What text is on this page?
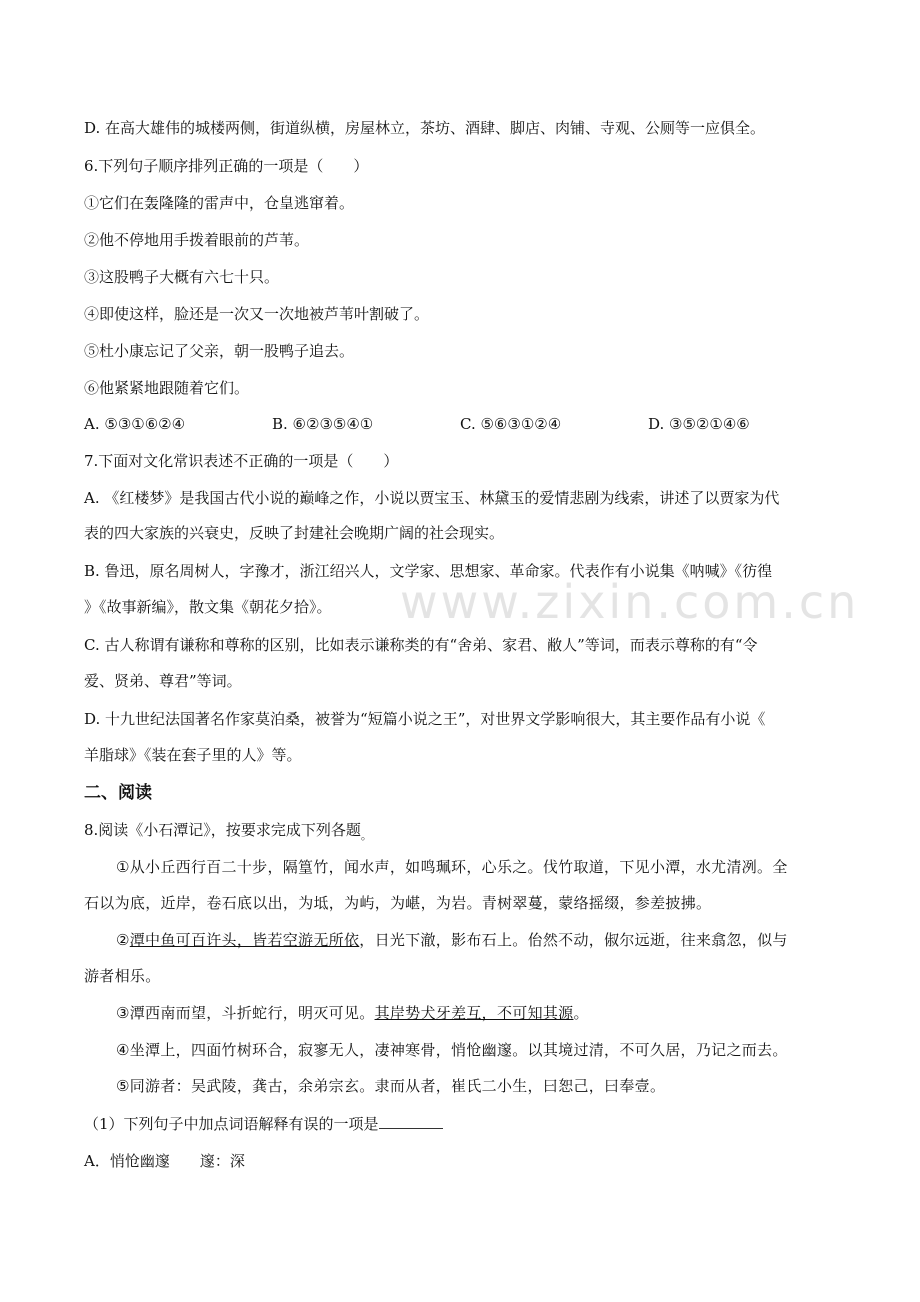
www.zixin.com.cn
D. 在高大雄伟的城楼两侧，街道纵横，房屋林立，茶坊、酒肆、脚店、肉铺、寺观、公厕等一应俱全。
6.下列句子顺序排列正确的一项是（　　）
①它们在轰隆隆的雷声中，仓皇逃窜着。
②他不停地用手拨着眼前的芦苇。
③这股鸭子大概有六七十只。
④即使这样，脸还是一次又一次地被芦苇叶割破了。
⑤杜小康忘记了父亲，朝一股鸭子追去。
⑥他紧紧地跟随着它们。
A. ⑤③①⑥②④	B. ⑥②③⑤④①	C. ⑤⑥③①②④	D. ③⑤②①④⑥
7.下面对文化常识表述不正确的一项是（　　）
A. 《红楼梦》是我国古代小说的巅峰之作，小说以贾宝玉、林黛玉的爱情悲剧为线索，讲述了以贾家为代
表的四大家族的兴衰史，反映了封建社会晚期广阔的社会现实。
B. 鲁迅，原名周树人，字豫才，浙江绍兴人，文学家、思想家、革命家。代表作有小说集《呐喊》《彷徨
》《故事新编》，散文集《朝花夕拾》。
C. 古人称谓有谦称和尊称的区别，比如表示谦称类的有“舍弟、家君、敝人”等词，而表示尊称的有“令
爱、贤弟、尊君”等词。
D. 十九世纪法国著名作家莫泊桑，被誉为“短篇小说之王”，对世界文学影响很大，其主要作品有小说《
羊脂球》《装在套子里的人》等。
二、阅读
8.阅读《小石潭记》，按要求完成下列各题$_。$
①从小丘西行百二十步，隔篁竹，闻水声，如鸣珮环，心乐之。伐竹取道，下见小潭，水尤清冽。全
石以为底，近岸，卷石底以出，为坻，为屿，为嵁，为岩。青树翠蔓，蒙络摇缀，参差披拂。
②潭中鱼可百许头，皆若空游无所依，日光下澈，影布石上。佁然不动，俶尔远逝，往来翕忽，似与
游者相乐。
③潭西南而望，斗折蛇行，明灭可见。其岸势犬牙差互，不可知其源。
④坐潭上，四面竹树环合，寂寥无人，凄神寒骨，悄怆幽邃。以其境过清，不可久居，乃记之而去。
⑤同游者：吴武陵，龚古，余弟宗玄。隶而从者，崔氏二小生，曰恕己，曰奉壹。
（1）下列句子中加点词语解释有误的一项是
A．悄怆幽邃　　邃：深
